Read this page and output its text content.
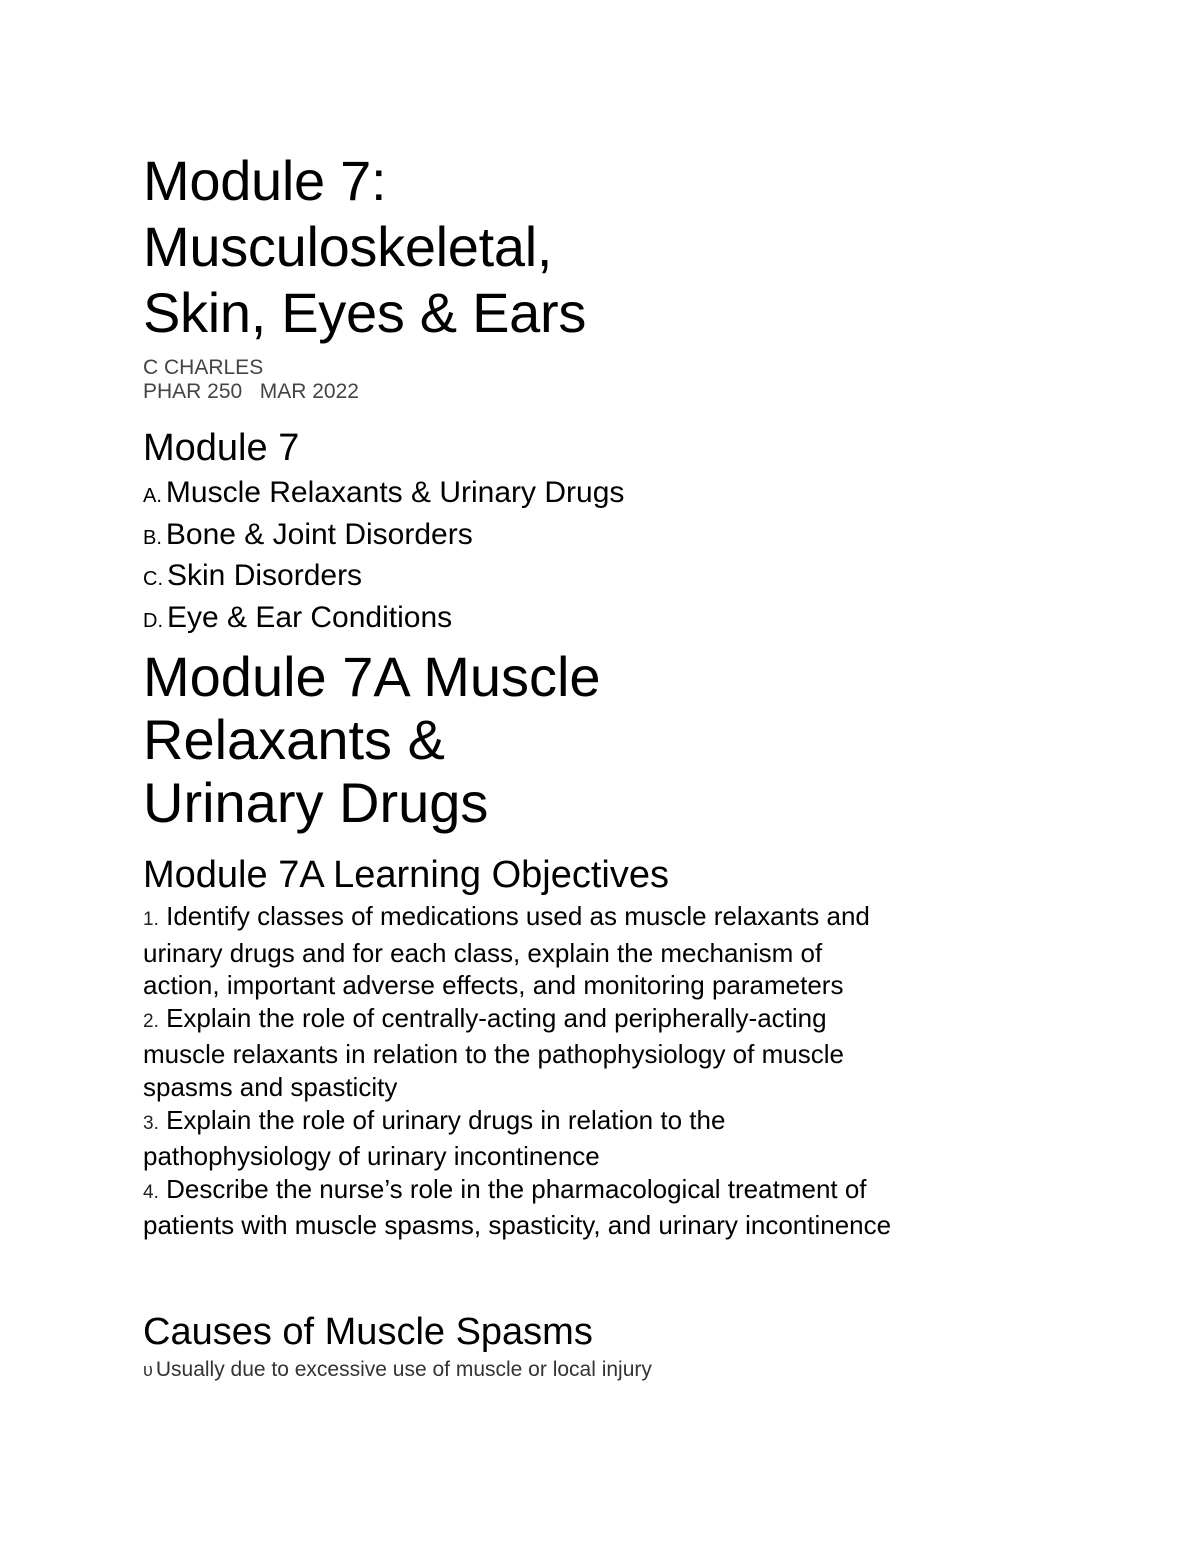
Module 7:
Musculoskeletal,
Skin, Eyes & Ears
C CHARLES
PHAR 250   MAR 2022
Module 7
A. Muscle Relaxants & Urinary Drugs
B. Bone & Joint Disorders
C. Skin Disorders
D. Eye & Ear Conditions
Module 7A Muscle
Relaxants &
Urinary Drugs
Module 7A Learning Objectives
1. Identify classes of medications used as muscle relaxants and urinary drugs and for each class, explain the mechanism of action, important adverse effects, and monitoring parameters
2. Explain the role of centrally-acting and peripherally-acting muscle relaxants in relation to the pathophysiology of muscle spasms and spasticity
3. Explain the role of urinary drugs in relation to the pathophysiology of urinary incontinence
4. Describe the nurse’s role in the pharmacological treatment of patients with muscle spasms, spasticity, and urinary incontinence
Causes of Muscle Spasms
υ Usually due to excessive use of muscle or local injury
